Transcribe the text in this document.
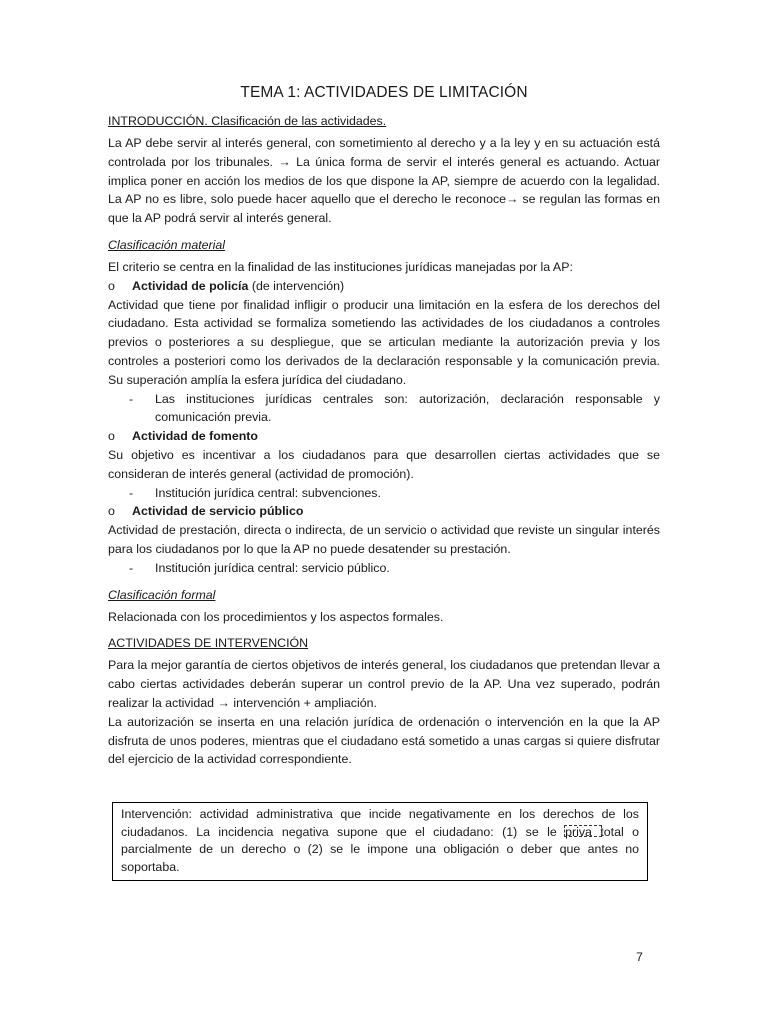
TEMA 1: ACTIVIDADES DE LIMITACIÓN
INTRODUCCIÓN. Clasificación de las actividades.

La AP debe servir al interés general, con sometimiento al derecho y a la ley y en su actuación está controlada por los tribunales. → La única forma de servir el interés general es actuando. Actuar implica poner en acción los medios de los que dispone la AP, siempre de acuerdo con la legalidad. La AP no es libre, solo puede hacer aquello que el derecho le reconoce→ se regulan las formas en que la AP podrá servir al interés general.

Clasificación material

El criterio se centra en la finalidad de las instituciones jurídicas manejadas por la AP:

o	Actividad de policía (de intervención)

Actividad que tiene por finalidad infligir o producir una limitación en la esfera de los derechos del ciudadano. Esta actividad se formaliza sometiendo las actividades de los ciudadanos a controles previos o posteriores a su despliegue, que se articulan mediante la autorización previa y los controles a posteriori como los derivados de la declaración responsable y la comunicación previa. Su superación amplía la esfera jurídica del ciudadano.

-	Las instituciones jurídicas centrales son: autorización, declaración responsable y comunicación previa.
o	Actividad de fomento

Su objetivo es incentivar a los ciudadanos para que desarrollen ciertas actividades que se consideran de interés general (actividad de promoción).

-	Institución jurídica central: subvenciones.
o	Actividad de servicio público

Actividad de prestación, directa o indirecta, de un servicio o actividad que reviste un singular interés para los ciudadanos por lo que la AP no puede desatender su prestación.

-	Institución jurídica central: servicio público.
Clasificación formal

Relacionada con los procedimientos y los aspectos formales.

ACTIVIDADES DE INTERVENCIÓN

Para la mejor garantía de ciertos objetivos de interés general, los ciudadanos que pretendan llevar a cabo ciertas actividades deberán superar un control previo de la AP. Una vez superado, podrán realizar la actividad → intervención + ampliación.

La autorización se inserta en una relación jurídica de ordenación o intervención en la que la AP disfruta de unos poderes, mientras que el ciudadano está sometido a unas cargas si quiere disfrutar del ejercicio de la actividad correspondiente.

Intervención: actividad administrativa que incide negativamente en los derechos de los ciudadanos. La incidencia negativa supone que el ciudadano: (1) se le priva total o parcialmente de un derecho o (2) se le impone una obligación o deber que antes no soportaba.

7
